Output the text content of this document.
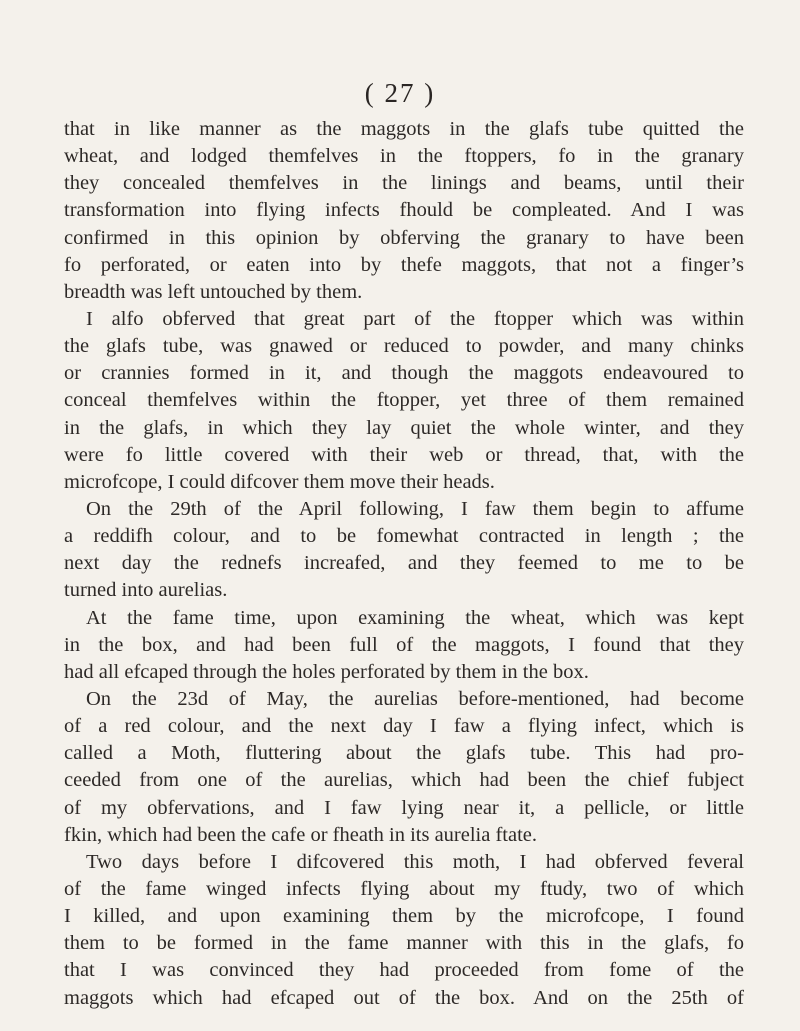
( 27 )
that in like manner as the maggots in the glafs tube quitted the
wheat, and lodged themfelves in the ftoppers, fo in the granary
they concealed themfelves in the linings and beams, until their
transformation into flying infects fhould be compleated. And I was
confirmed in this opinion by obferving the granary to have been
fo perforated, or eaten into by thefe maggots, that not a finger’s
breadth was left untouched by them.
I alfo obferved that great part of the ftopper which was within
the glafs tube, was gnawed or reduced to powder, and many chinks
or crannies formed in it, and though the maggots endeavoured to
conceal themfelves within the ftopper, yet three of them remained
in the glafs, in which they lay quiet the whole winter, and they
were fo little covered with their web or thread, that, with the
microfcope, I could difcover them move their heads.
On the 29th of the April following, I faw them begin to affume
a reddifh colour, and to be fomewhat contracted in length ; the
next day the rednefs increafed, and they feemed to me to be
turned into aurelias.
At the fame time, upon examining the wheat, which was kept
in the box, and had been full of the maggots, I found that they
had all efcaped through the holes perforated by them in the box.
On the 23d of May, the aurelias before-mentioned, had become
of a red colour, and the next day I faw a flying infect, which is
called a Moth, fluttering about the glafs tube. This had pro-
ceeded from one of the aurelias, which had been the chief fubject
of my obfervations, and I faw lying near it, a pellicle, or little
fkin, which had been the cafe or fheath in its aurelia ftate.
Two days before I difcovered this moth, I had obferved feveral
of the fame winged infects flying about my ftudy, two of which
I killed, and upon examining them by the microfcope, I found
them to be formed in the fame manner with this in the glafs, fo
that I was convinced they had proceeded from fome of the
maggots which had efcaped out of the box. And on the 25th of
